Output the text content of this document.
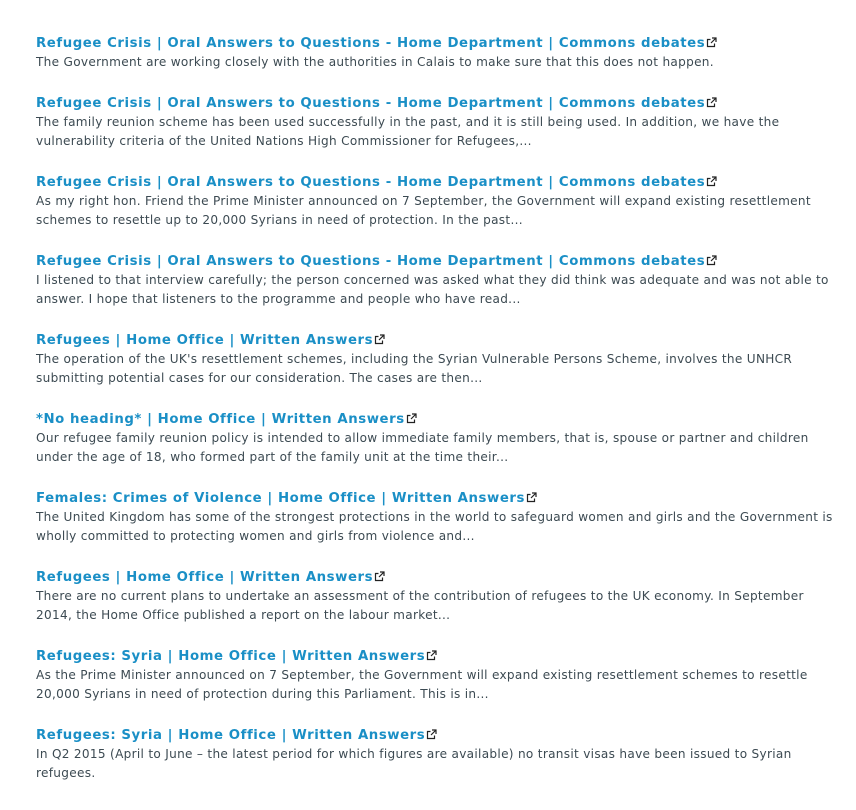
Refugee Crisis | Oral Answers to Questions - Home Department | Commons debates

The Government are working closely with the authorities in Calais to make sure that this does not happen.

Refugee Crisis | Oral Answers to Questions - Home Department | Commons debates

The family reunion scheme has been used successfully in the past, and it is still being used. In addition, we have the vulnerability criteria of the United Nations High Commissioner for Refugees,...

Refugee Crisis | Oral Answers to Questions - Home Department | Commons debates

As my right hon. Friend the Prime Minister announced on 7 September, the Government will expand existing resettlement schemes to resettle up to 20,000 Syrians in need of protection. In the past...

Refugee Crisis | Oral Answers to Questions - Home Department | Commons debates

I listened to that interview carefully; the person concerned was asked what they did think was adequate and was not able to answer. I hope that listeners to the programme and people who have read...

Refugees | Home Office | Written Answers

The operation of the UK's resettlement schemes, including the Syrian Vulnerable Persons Scheme, involves the UNHCR submitting potential cases for our consideration. The cases are then...

*No heading* | Home Office | Written Answers

Our refugee family reunion policy is intended to allow immediate family members, that is, spouse or partner and children under the age of 18, who formed part of the family unit at the time their...

Females: Crimes of Violence | Home Office | Written Answers

The United Kingdom has some of the strongest protections in the world to safeguard women and girls and the Government is wholly committed to protecting women and girls from violence and...

Refugees | Home Office | Written Answers

There are no current plans to undertake an assessment of the contribution of refugees to the UK economy. In September 2014, the Home Office published a report on the labour market...

Refugees: Syria | Home Office | Written Answers

As the Prime Minister announced on 7 September, the Government will expand existing resettlement schemes to resettle 20,000 Syrians in need of protection during this Parliament. This is in...

Refugees: Syria | Home Office | Written Answers

In Q2 2015 (April to June – the latest period for which figures are available) no transit visas have been issued to Syrian refugees.
